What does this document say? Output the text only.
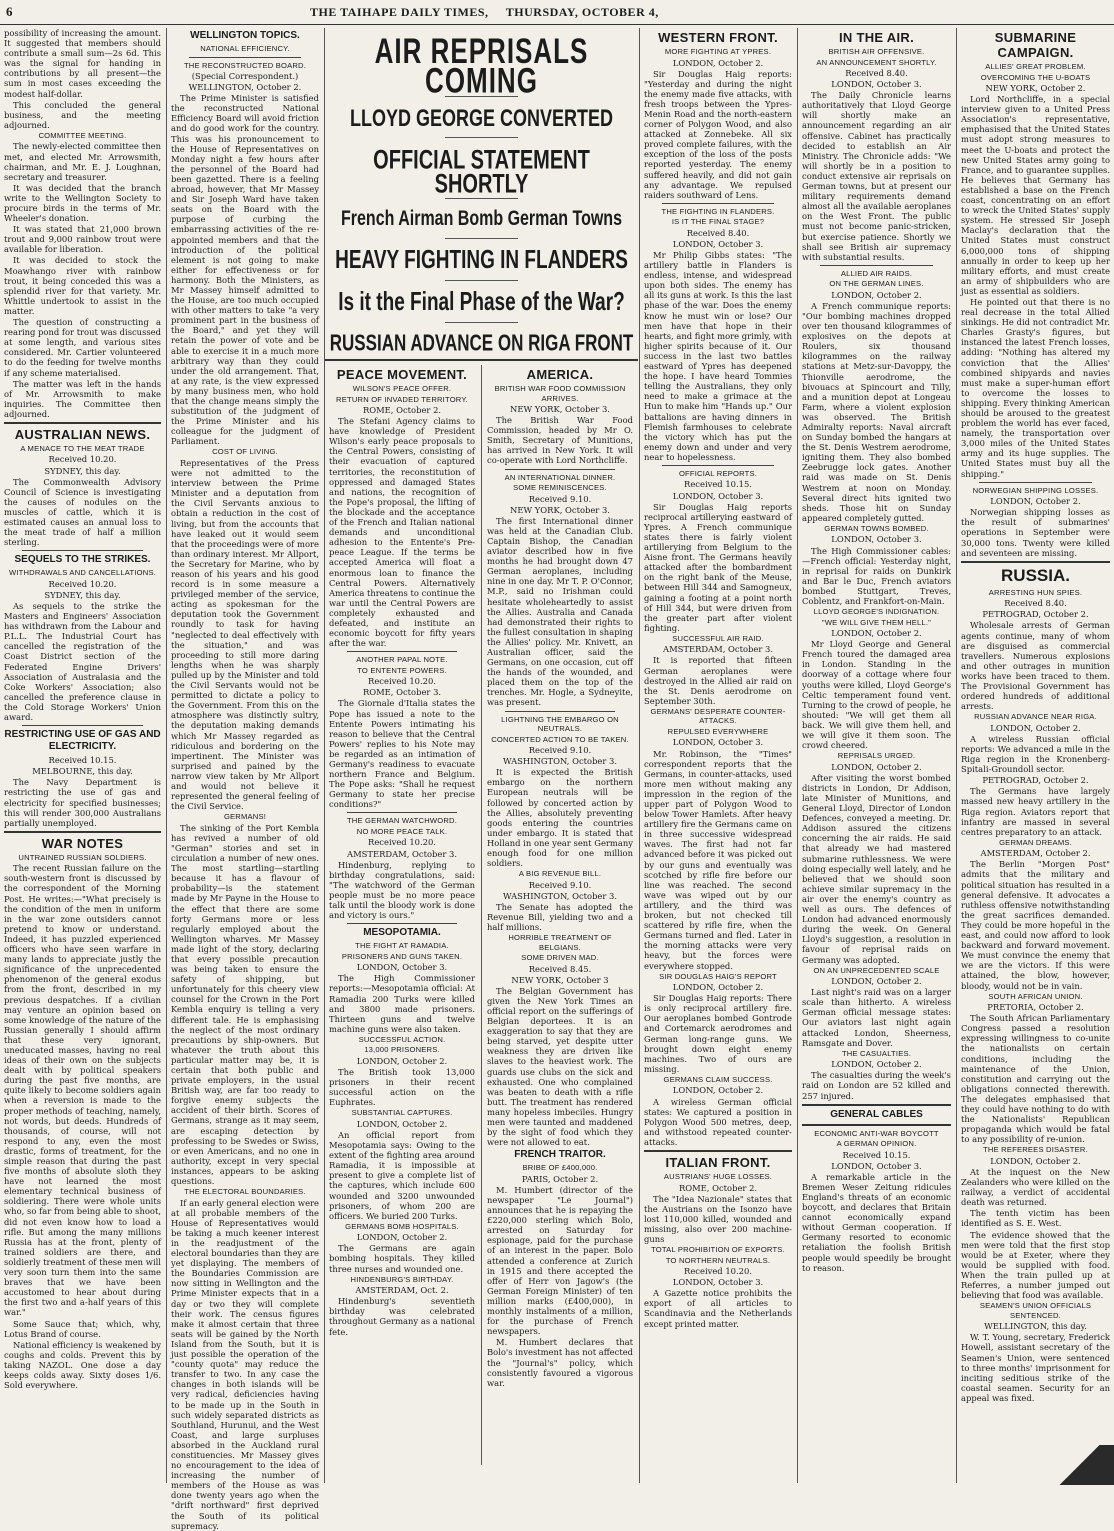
6	THE TAIHAPE DAILY TIMES, THURSDAY, OCTOBER 4,

possibility of increasing the amount. It suggested that members should contribute a small sum—2s 6d. This was the signal for handing in contributions by all present—the sum in most cases exceeding the modest half-dollar.

This concluded the general business, and the meeting adjourned.

COMMITTEE MEETING.

The newly-elected committee then met, and elected Mr. Arrowsmith, chairman, and Mr. E. J. Loughnan, secretary and treasurer.

It was decided that the branch write to the Wellington Society to procure birds in the terms of Mr. Wheeler's donation.

It was stated that 21,000 brown trout and 9,000 rainbow trout were available for liberation.

It was decided to stock the Moawhango river with rainbow trout, it being conceded this was a splendid river for that variety. Mr. Whittle undertook to assist in the matter.

The question of constructing a rearing pond for trout was discussed at some length, and various sites considered. Mr. Cartier volunteered to do the feeding for twelve months if any scheme materialised.

The matter was left in the hands of Mr. Arrowsmith to make inquiries. The Committee then adjourned.

AUSTRALIAN NEWS.
A MENACE TO THE MEAT TRADE

Received 10.20.

SYDNEY, this day.

The Commonwealth Advisory Council of Science is investigating the causes of nodules on the muscles of cattle, which it is estimated causes an annual loss to the meat trade of half a million sterling.

SEQUELS TO THE STRIKES.
WITHDRAWALS AND CANCELLATIONS.

Received 10.20.

SYDNEY, this day.

As sequels to the strike the Masters and Engineers' Association has withdrawn from the Labour and P.L.L. The Industrial Court has cancelled the registration of the Coast District section of the Federated Engine Drivers' Association of Australasia and the Coke Workers' Association; also cancelled the preference clause in the Cold Storage Workers' Union award.

RESTRICTING USE OF GAS AND ELECTRICITY.

Received 10.15.

MELBOURNE, this day.

The Navy Department is restricting the use of gas and electricity for specified businesses; this will render 300,000 Australians partially unemployed.

WAR NOTES
UNTRAINED RUSSIAN SOLDIERS.

The recent Russian failure on the south-western front is discussed by the correspondent of the Morning Post. He writes:—"What precisely is the condition of the men in uniform in the war zone outsiders cannot pretend to know or understand. Indeed, it has puzzled experienced officers who have seen warfare in many lands to appreciate justly the significance of the unprecedented phenomenon of the general exodus from the front, described in my previous despatches. If a civilian may venture an opinion based on some knowledge of the nature of the Russian generally I should affirm that these very ignorant, uneducated masses, having no real ideas of their own on the subjects dealt with by political speakers during the past five months, are quite likely to become soldiers again when a reversion is made to the proper methods of teaching, namely, not words, but deeds. Hundreds of thousands, of course, will not respond to any, even the most drastic, forms of treatment, for the simple reason that during the past five months of absolute sloth they have not learned the most elementary technical business of soldiering. There were whole units who, so far from being able to shoot, did not even know how to load a rifle. But among the many millions Russia has at the front, plenty of trained soldiers are there, and soldierly treatment of these men will very soon turn them into the same braves that we have been accustomed to hear about during the first two and a-half years of this war."

Some Sauce that; which, why, Lotus Brand of course.

National efficiency is weakened by coughs and colds. Prevent this by taking NAZOL. One dose a day keeps colds away. Sixty doses 1/6. Sold everywhere.

WELLINGTON TOPICS.
NATIONAL EFFICIENCY.
THE RECONSTRUCTED BOARD.

(Special Correspondent.)

WELLINGTON, October 2.

The Prime Minister is satisfied the reconstructed National Efficiency Board will avoid friction and do good work for the country. This was his pronouncement to the House of Representatives on Monday night a few hours after the personnel of the Board had been gazetted. There is a feeling abroad, however, that Mr Massey and Sir Joseph Ward have taken seats on the Board with the purpose of curbing the embarrassing activities of the re-appointed members and that the introduction of the political element is not going to make either for effectiveness or for harmony. Both the Ministers, as Mr Massey himself admitted to the House, are too much occupied with other matters to take "a very prominent part in the business of the Board," and yet they will retain the power of vote and be able to exercise it in a much more arbitrary way than they could under the old arrangement. That, at any rate, is the view expressed by many business men, who hold that the change means simply the substitution of the judgment of the Prime Minister and his colleague for the judgment of Parliament.

COST OF LIVING.

Representatives of the Press were not admitted to the interview between the Prime Minister and a deputation from the Civil Servants anxious to obtain a reduction in the cost of living, but from the accounts that have leaked out it would seem that the proceedings were of more than ordinary interest. Mr Allport, the Secretary for Marine, who by reason of his years and his good record is in some measure a privileged member of the service, acting as spokesman for the deputation took the Government roundly to task for having "neglected to deal effectively with the situation," and was proceeding to still more daring lengths when he was sharply pulled up by the Minister and told the Civil Servants would not be permitted to dictate a policy to the Government. From this on the atmosphere was distinctly sultry, the deputation making demands which Mr Massey regarded as ridiculous and bordering on the impertinent. The Minister was surprised and pained by the narrow view taken by Mr Allport and would not believe it represented the general feeling of the Civil Service.

GERMANS!

The sinking of the Port Kembla has revived a number of old "German" stories and set in circulation a number of new ones. The most startling—startling because it has a flavour of probability—is the statement made by Mr Payne in the House to the effect that there are some forty Germans more or less regularly employed about the Wellington wharves. Mr Massey made light of the story, declaring that every possible precaution was being taken to ensure the safety of shipping, but unfortunately for this cheery view counsel for the Crown in the Port Kembla enquiry is telling a very different tale. He is emphasising the neglect of the most ordinary precautions by ship-owners. But whatever the truth about this particular matter may be, it is certain that both public and private employers, in the usual British way, are far too ready to forgive enemy subjects the accident of their birth. Scores of Germans, strange as it may seem, are escaping detection by professing to be Swedes or Swiss, or even Americans, and no one in authority, except in very special instances, appears to be asking questions.

THE ELECTORAL BOUNDARIES.

If an early general election were at all probable members of the House of Representatives would be taking a much keener interest in the readjustment of the electoral boundaries than they are yet displaying. The members of the Boundaries Commission are now sitting in Wellington and the Prime Minister expects that in a day or two they will complete their work. The census figures make it almost certain that three seats will be gained by the North Island from the South, but it is just possible the operation of the "county quota" may reduce the transfer to two. In any case the changes in both islands will be very radical, deficiencies having to be made up in the South in such widely separated districts as Southland, Hurunui, and the West Coast, and large surpluses absorbed in the Auckland rural constituencies. Mr Massey gives no encouragement to the idea of increasing the number of members of the House as was done twenty years ago when the "drift northward" first deprived the South of its political supremacy.

AIR REPRISALS COMING
LLOYD GEORGE CONVERTED
OFFICIAL STATEMENT SHORTLY
French Airman Bomb German Towns
HEAVY FIGHTING IN FLANDERS
Is it the Final Phase of the War?
RUSSIAN ADVANCE ON RIGA FRONT
PEACE MOVEMENT.
WILSON'S PEACE OFFER.
RETURN OF INVADED TERRITORY.

ROME, October 2.

The Stefani Agency claims to have knowledge of President Wilson's early peace proposals to the Central Powers, consisting of their evacuation of captured territories, the reconstitution of oppressed and damaged States and nations, the recognition of the Pope's proposal, the lifting of the blockade and the acceptance of the French and Italian national demands and unconditional adhesion to the Entente's Pre-peace League. If the terms be accepted America will float a enormous loan to finance the Central Powers. Alternatively America threatens to continue the war until the Central Powers are completely exhausted and defeated, and institute an economic boycott for fifty years after the war.

ANOTHER PAPAL NOTE.
TO ENTENTE POWERS.

Received 10.20.

ROME, October 3.

The Giornale d'Italia states the Pope has issued a note to the Entente Powers intimating his reason to believe that the Central Powers' replies to his Note may be regarded as an intimation of Germany's readiness to evacuate northern France and Belgium. The Pope asks: "Shall he request Germany to state her precise conditions?"

THE GERMAN WATCHWORD.
NO MORE PEACE TALK.

Received 10.20.

AMSTERDAM, October 3.

Hindenburg, replying to birthday congratulations, said: "The watchword of the German people must be no more peace talk until the bloody work is done and victory is ours."

MESOPOTAMIA.
THE FIGHT AT RAMADIA.
PRISONERS AND GUNS TAKEN.

LONDON, October 3.

The High Commissioner reports:—Mesopotamia official: At Ramadia 200 Turks were killed and 3800 made prisoners. Thirteen guns and twelve machine guns were also taken.

SUCCESSFUL ACTION.
13,000 PRISONERS.

LONDON, October 2.

The British took 13,000 prisoners in their recent successful action on the Euphrates.

SUBSTANTIAL CAPTURES.

LONDON, October 2.

An official report from Mesopotamia says: Owing to the extent of the fighting area around Ramadia, it is impossible at present to give a complete list of the captures, which include 600 wounded and 3200 unwounded prisoners, of whom 200 are officers. We buried 200 Turks.

GERMANS BOMB HOSPITALS.

LONDON, October 2.

The Germans are again bombing hospitals. They killed three nurses and wounded one.

HINDENBURG'S BIRTHDAY.

AMSTERDAM, Oct. 2.

Hindenburg's seventieth birthday was celebrated throughout Germany as a national fete.

AMERICA.
BRITISH WAR FOOD COMMISSION ARRIVES.

NEW YORK, October 3.

The British War Food Commission, headed by Mr O. Smith, Secretary of Munitions, has arrived in New York. It will co-operate with Lord Northcliffe.

AN INTERNATIONAL DINNER.
SOME REMINISCENCES.

Received 9.10.

NEW YORK, October 3.

The first International dinner was held at the Canadian Club. Captain Bishop, the Canadian aviator described how in five months he had brought down 47 German aeroplanes, including nine in one day. Mr T. P. O'Connor, M.P., said no Irishman could hesitate wholeheartedly to assist the Allies. Australia and Canada had demonstrated their rights to the fullest consultation in shaping the Allies' policy. Mr. Knivett, an Australian officer, said the Germans, on one occasion, cut off the hands of the wounded, and placed them on the top of the trenches. Mr. Hogle, a Sydneyite, was present.

LIGHTNING THE EMBARGO ON NEUTRALS.
CONCERTED ACTION TO BE TAKEN.

Received 9.10.

WASHINGTON, October 3.

It is expected the British embargo on the northern European neutrals will be followed by concerted action by the Allies, absolutely preventing goods entering the countries under embargo. It is stated that Holland in one year sent Germany enough food for one million soldiers.

A BIG REVENUE BILL.

Received 9.10.

WASHINGTON, October 3.

The Senate has adopted the Revenue Bill, yielding two and a half millions.

HORRIBLE TREATMENT OF BELGIANS.
SOME DRIVEN MAD.

Received 8.45.

NEW YORK, October 3

The Belgian Government has given the New York Times an official report on the sufferings of Belgian deportees. It is an exaggeration to say that they are being starved, yet despite utter weakness they are driven like slaves to the heaviest work. The guards use clubs on the sick and exhausted. One who complained was beaten to death with a rifle butt. The treatment has rendered many hopeless imbeciles. Hungry men were taunted and maddened by the sight of food which they were not allowed to eat.

FRENCH TRAITOR.
BRIBE OF £400,000.

PARIS, October 2.

M. Humbert (director of the newspaper "Le Journal") announces that he is repaying the £220,000 sterling which Bolo, arrested on Saturday for espionage, paid for the purchase of an interest in the paper. Bolo attended a conference at Zurich in 1915 and there accepted the offer of Herr von Jagow's (the German Foreign Minister) of ten million marks (£400,000), in monthly instalments of a million, for the purchase of French newspapers.

M. Humbert declares that Bolo's investment has not affected the "Journal's" policy, which consistently favoured a vigorous war.

WESTERN FRONT.
MORE FIGHTING AT YPRES.

LONDON, October 2.

Sir Douglas Haig reports: "Yesterday and during the night the enemy made five attacks, with fresh troops between the Ypres-Menin Road and the north-eastern corner of Polygon Wood, and also attacked at Zonnebeke. All six proved complete failures, with the exception of the loss of the posts reported yesterday. The enemy suffered heavily, and did not gain any advantage. We repulsed raiders southward of Lens.

THE FIGHTING IN FLANDERS.
IS IT THE FINAL STAGE?

Received 8.40.

LONDON, October 3.

Mr Philip Gibbs states: "The artillery battle in Flanders is endless, intense, and widespread upon both sides. The enemy has all its guns at work. Is this the last phase of the war. Does the enemy know he must win or lose? Our men have that hope in their hearts, and fight more grimly, with higher spirits because of it. Our success in the last two battles eastward of Ypres has deepened the hope. I have heard Tommies telling the Australians, they only need to make a grimace at the Hun to make him "Hands up." Our battalions are having dinners in Flemish farmhouses to celebrate the victory which has put the enemy down and under and very near to hopelessness.

OFFICIAL REPORTS.

Received 10.15.

LONDON, October 3.

Sir Douglas Haig reports reciprocal artillerying eastward of Ypres. A French communique states there is fairly violent artillerying from Belgium to the Aisne front. The Germans heavily attacked after the bombardment on the right bank of the Meuse, between Hill 344 and Samogneux, gaining a footing at a point north of Hill 344, but were driven from the greater part after violent fighting.

SUCCESSFUL AIR RAID.

AMSTERDAM, October 3.

It is reported that fifteen German aeroplanes were destroyed in the Allied air raid on the St. Denis aerodrome on September 30th.

GERMANS' DESPERATE COUNTER-ATTACKS.
REPULSED EVERYWHERE

LONDON, October 3.

Mr. Robinson, the "Times" correspondent reports that the Germans, in counter-attacks, used more men without making any impression in the region of the upper part of Polygon Wood to below Tower Hamlets. After heavy artillery fire the Germans came on in three successive widespread waves. The first had not far advanced before it was picked out by our guns and eventually was scotched by rifle fire before our line was reached. The second wave was wiped out by our artillery, and the third was broken, but not checked till scattered by rifle fire, when the Germans turned and fled. Later in the morning attacks were very heavy, but the forces were everywhere stopped.

SIR DOUGLAS HAIG'S REPORT

LONDON, October 2.

Sir Douglas Haig reports: There is only reciprocal artillery fire. Our aeroplanes bombed Gontrode and Cortemarck aerodromes and German long-range guns. We brought down eight enemy machines. Two of ours are missing.

GERMANS CLAIM SUCCESS.

LONDON, October 2.

A wireless German official states: We captured a position in Polygon Wood 500 metres, deep, and withstood repeated counter-attacks.

ITALIAN FRONT.
AUSTRIANS' HUGE LOSSES.

ROME, October 2.

The "Idea Nazionale" states that the Austrians on the Isonzo have lost 110,000 killed, wounded and missing, also over 200 machine-guns

TOTAL PROHIBITION OF EXPORTS.
TO NORTHERN NEUTRALS.

Received 10.20.

LONDON, October 3.

A Gazette notice prohibits the export of all articles to Scandinavia and the Netherlands except printed matter.

IN THE AIR.
BRITISH AIR OFFENSIVE.
AN ANNOUNCEMENT SHORTLY.

Received 8.40.

LONDON, October 3.

The Daily Chronicle learns authoritatively that Lloyd George will shortly make an announcement regarding an air offensive. Cabinet has practically decided to establish an Air Ministry. The Chronicle adds: "We will shortly be in a position to conduct extensive air reprisals on German towns, but at present our military requirements demand almost all the available aeroplanes on the West Front. The public must not become panic-stricken, but exercise patience. Shortly we shall see British air supremacy with substantial results.

ALLIED AIR RAIDS.
ON THE GERMAN LINES.

LONDON, October 2.

A French communique reports: "Our bombing machines dropped over ten thousand kilogrammes of explosives on the depots at Roulers, six thousand kilogrammes on the railway stations at Metz-sur-Davoppy, the Thionville aerodrome, the bivouacs at Spincourt and Tilly, and a munition depot at Longeau Farm, where a violent explosion was observed. The British Admiralty reports: Naval aircraft on Sunday bombed the hangars at the St. Denis Westrem aerodrome, igniting them. They also bombed Zeebrugge lock gates. Another raid was made on St. Denis Westrem at noon on Monday. Several direct hits ignited two sheds. Those hit on Sunday appeared completely gutted.

GERMAN TOWNS BOMBED.

LONDON, October 3.

The High Commissioner cables:—French official: Yesterday night, in reprisal for raids on Dunkirk and Bar le Duc, French aviators bombed Stuttgart, Treves, Coblentz, and Frankfort-on-Main.

LLOYD GEORGE'S INDIGNATION.
"WE WILL GIVE THEM HELL."

LONDON, October 2.

Mr Lloyd George and General French toured the damaged area in London. Standing in the doorway of a cottage where four youths were killed, Lloyd George's Celtic temperament found vent. Turning to the crowd of people, he shouted: "We will get them all back. We will give them hell, and we will give it them soon. The crowd cheered.

REPRISALS URGED.

LONDON, October 2.

After visiting the worst bombed districts in London, Dr Addison, late Minister of Munitions, and General Lloyd, Director of London Defences, conveyed a meeting. Dr. Addison assured the citizens concerning the air raids. He said that already we had mastered submarine ruthlessness. We were doing especially well lately, and he believed that we should soon achieve similar supremacy in the air over the enemy's country as well as ours. The defences of London had advanced enormously during the week. On General Lloyd's suggestion, a resolution in favour of reprisal raids on Germany was adopted.

ON AN UNPRECEDENTED SCALE

LONDON, October 2.

Last night's raid was on a larger scale than hitherto. A wireless German official message states: Our aviators last night again attacked London, Sheerness, Ramsgate and Dover.

THE CASUALTIES.

LONDON, October 2.

The casualties during the week's raid on London are 52 killed and 257 injured.

GENERAL CABLES
ECONOMIC ANTI-WAR BOYCOTT
A GERMAN OPINION.

Received 10.15.

LONDON, October 3.

A remarkable article in the Bremen Weser Zeitung ridicules England's threats of an economic boycott, and declares that Britain cannot economically expand without German cooperation. If Germany resorted to economic retaliation the foolish British people would speedily be brought to reason.

SUBMARINE CAMPAIGN.
ALLIES' GREAT PROBLEM.
OVERCOMING THE U-BOATS

NEW YORK, October 2.

Lord Northcliffe, in a special interview given to a United Press Association's representative, emphasised that the United States must adopt strong measures to meet the U-boats and protect the new United States army going to France, and to guarantee supplies. He believes that Germany has established a base on the French coast, concentrating on an effort to wreck the United States' supply system. He stressed Sir Joseph Maclay's declaration that the United States must construct 6,000,000 tons of shipping annually in order to keep up her military efforts, and must create an army of shipbuilders who are just as essential as soldiers.

He pointed out that there is no real decrease in the total Allied sinkings. He did not contradict Mr. Charles Grasty's figures, but instanced the latest French losses, adding: "Nothing has altered my conviction that the Allies' combined shipyards and navies must make a super-human effort to overcome the losses to shipping. Every thinking American should be aroused to the greatest problem the world has ever faced, namely, the transportation over 3,000 miles of the United States army and its huge supplies. The United States must buy all the shipping."

NORWEGIAN SHIPPING LOSSES.

LONDON, October 2.

Norwegian shipping losses as the result of submarines' operations in September were 30,000 tons. Twenty were killed and seventeen are missing.

RUSSIA.
ARRESTING HUN SPIES.

Received 8.40.

PETROGRAD, October 2.

Wholesale arrests of German agents continue, many of whom are disguised as commercial travellers. Numerous explosions and other outrages in munition works have been traced to them. The Provisional Government has ordered hundreds of additional arrests.

RUSSIAN ADVANCE NEAR RIGA.

LONDON, October 2.

A wireless Russian official reports: We advanced a mile in the Riga region in the Kronenberg-Spitali-Groundoll sector.

PETROGRAD, October 2.

The Germans have largely massed new heavy artillery in the Riga region. Aviators report that infantry are massed in several centres preparatory to an attack.

GERMAN DREAMS.

AMSTERDAM, October 2.

The Berlin "Morgen Post" admits that the military and political situation has resulted in a general defensive. It advocates a ruthless offensive notwithstanding the great sacrifices demanded. They could be more hopeful in the east, and could now afford to look backward and forward movement. We must convince the enemy that we are the victors. If this were attained, the blow, however, bloody, would not be in vain.

SOUTH AFRICAN UNION.

PRETORIA, October 2.

The South African Parliamentary Congress passed a resolution expressing willingness to co-unite the nationalists on certain conditions, including the maintenance of the Union, constitution and carrying out the obligations connected therewith. The delegates emphasised that they could have nothing to do with the Nationalists' Republican propaganda which would be fatal to any possibility of re-union.

THE REFEREES DISASTER.

LONDON, October 2.

At the inquest on the New Zealanders who were killed on the railway, a verdict of accidental death was returned.

The tenth victim has been identified as S. E. West.

The evidence showed that the men were told that the first stop would be at Exeter, where they would be supplied with food. When the train pulled up at Referres, a number jumped out believing that food was available.

SEAMEN'S UNION OFFICIALS SENTENCED.

WELLINGTON, this day.

W. T. Young, secretary, Frederick Howell, assistant secretary of the Seamen's Union, were sentenced to three months' imprisonment for inciting seditious strike of the coastal seamen. Security for an appeal was fixed.
